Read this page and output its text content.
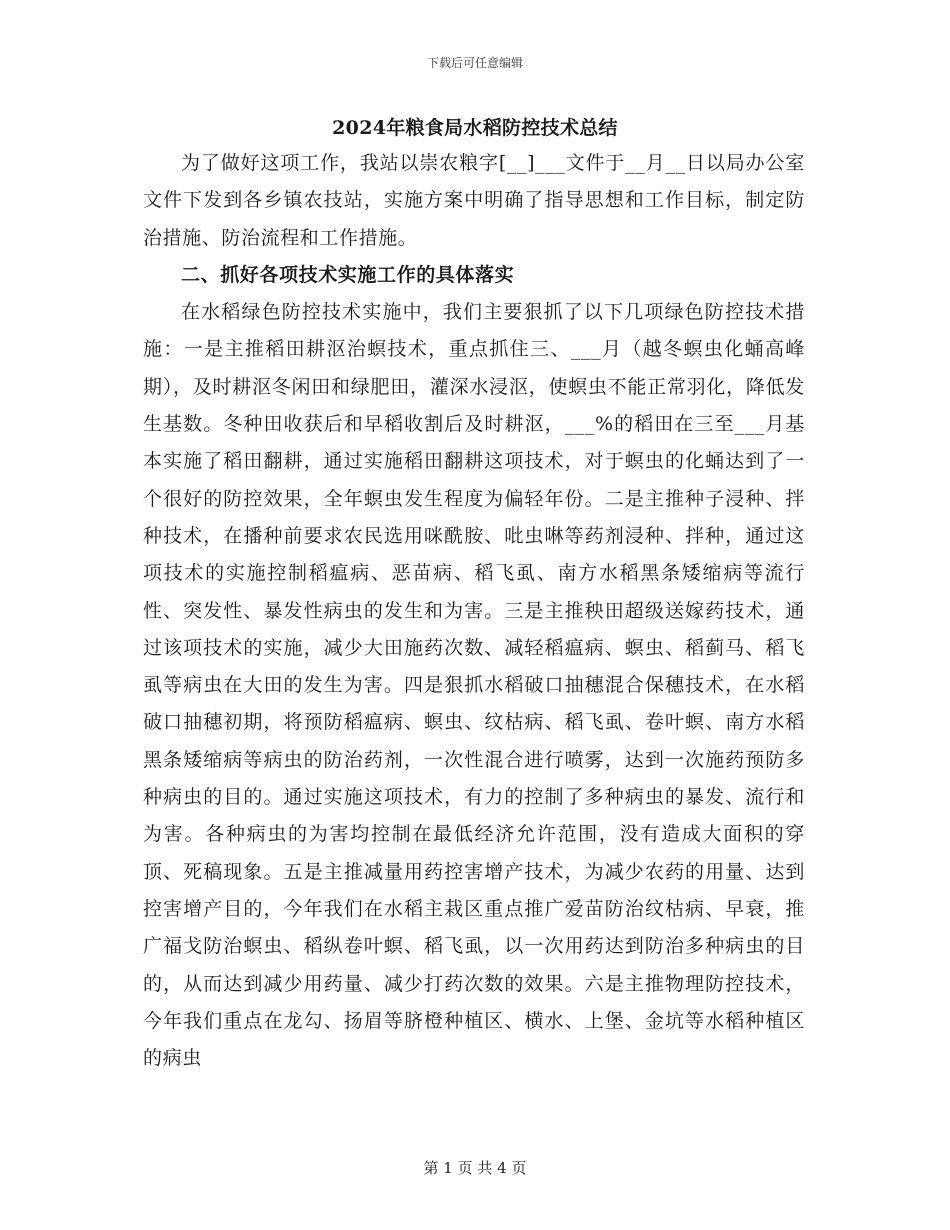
下载后可任意编辑
2024年粮食局水稻防控技术总结

为了做好这项工作，我站以崇农粮字[__]___文件于__月__日以局办公室文件下发到各乡镇农技站，实施方案中明确了指导思想和工作目标，制定防治措施、防治流程和工作措施。

二、抓好各项技术实施工作的具体落实

在水稻绿色防控技术实施中，我们主要狠抓了以下几项绿色防控技术措施：一是主推稻田耕沤治螟技术，重点抓住三、___月（越冬螟虫化蛹高峰期），及时耕沤冬闲田和绿肥田，灌深水浸沤，使螟虫不能正常羽化，降低发生基数。冬种田收获后和早稻收割后及时耕沤，___%的稻田在三至___月基本实施了稻田翻耕，通过实施稻田翻耕这项技术，对于螟虫的化蛹达到了一个很好的防控效果，全年螟虫发生程度为偏轻年份。二是主推种子浸种、拌种技术，在播种前要求农民选用咪酰胺、吡虫啉等药剂浸种、拌种，通过这项技术的实施控制稻瘟病、恶苗病、稻飞虱、南方水稻黑条矮缩病等流行性、突发性、暴发性病虫的发生和为害。三是主推秧田超级送嫁药技术，通过该项技术的实施，减少大田施药次数、减轻稻瘟病、螟虫、稻蓟马、稻飞虱等病虫在大田的发生为害。四是狠抓水稻破口抽穗混合保穗技术，在水稻破口抽穗初期，将预防稻瘟病、螟虫、纹枯病、稻飞虱、卷叶螟、南方水稻黑条矮缩病等病虫的防治药剂，一次性混合进行喷雾，达到一次施药预防多种病虫的目的。通过实施这项技术，有力的控制了多种病虫的暴发、流行和为害。各种病虫的为害均控制在最低经济允许范围，没有造成大面积的穿顶、死稿现象。五是主推减量用药控害增产技术，为减少农药的用量、达到控害增产目的，今年我们在水稻主栽区重点推广爱苗防治纹枯病、早衰，推广福戈防治螟虫、稻纵卷叶螟、稻飞虱，以一次用药达到防治多种病虫的目的，从而达到减少用药量、减少打药次数的效果。六是主推物理防控技术，今年我们重点在龙勾、扬眉等脐橙种植区、横水、上堡、金坑等水稻种植区的病虫

第 1 页 共 4 页
